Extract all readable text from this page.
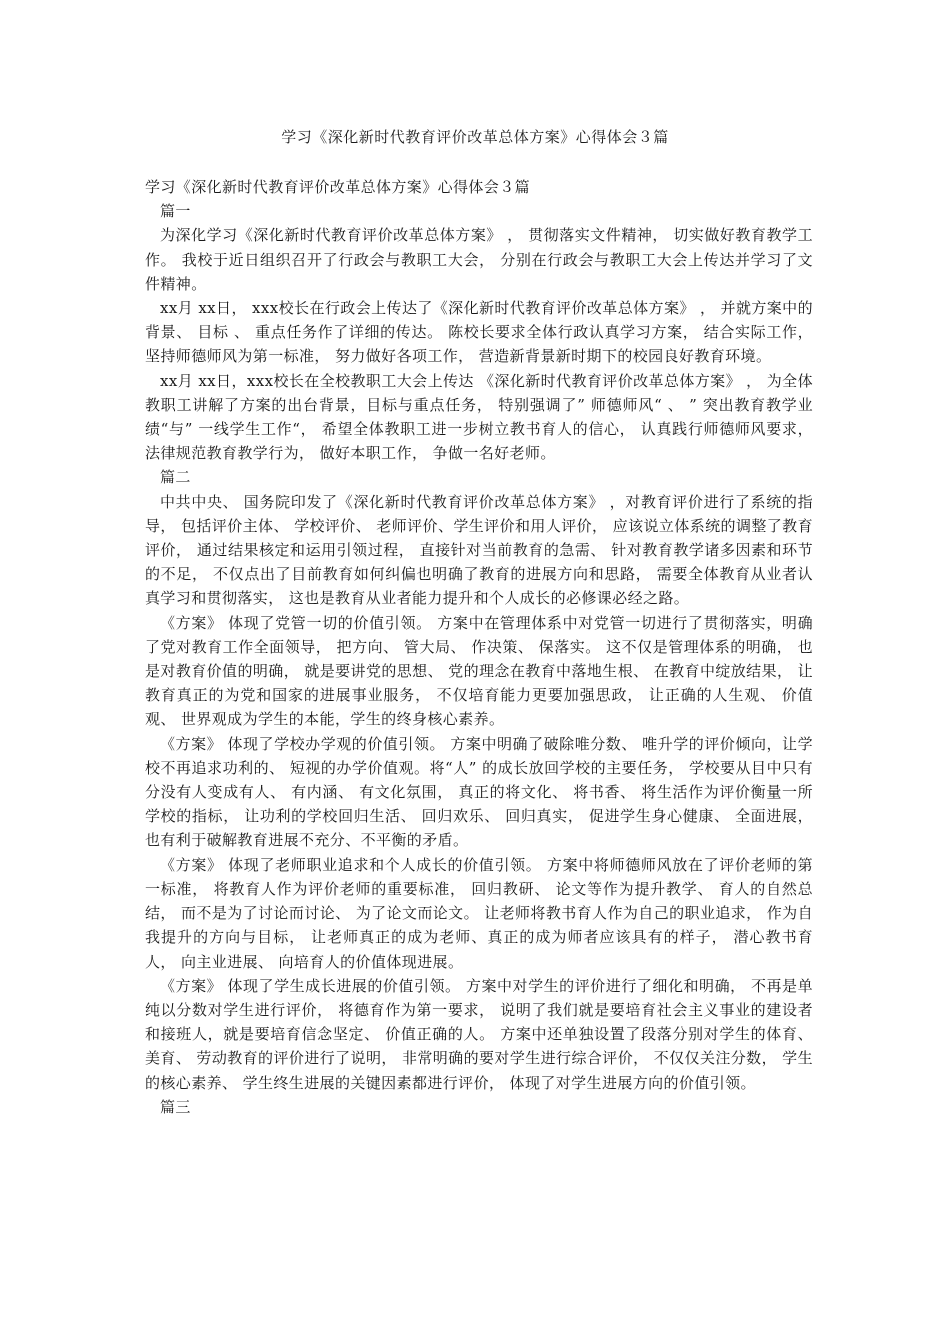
学习《深化新时代教育评价改革总体方案》心得体会３篇

学习《深化新时代教育评价改革总体方案》心得体会３篇

篇一

为深化学习《深化新时代教育评价改革总体方案》 ， 贯彻落实文件精神， 切实做好教育教学工作。 我校于近日组织召开了行政会与教职工大会， 分别在行政会与教职工大会上传达并学习了文件精神。

xx月 xx日， xxx校长在行政会上传达了《深化新时代教育评价改革总体方案》 ， 并就方案中的背景、 目标 、 重点任务作了详细的传达。 陈校长要求全体行政认真学习方案， 结合实际工作， 坚持师德师风为第一标准， 努力做好各项工作， 营造新背景新时期下的校园良好教育环境。

xx月 xx日，xxx校长在全校教职工大会上传达 《深化新时代教育评价改革总体方案》 ， 为全体教职工讲解了方案的出台背景，目标与重点任务， 特别强调了” 师德师风“ 、 ” 突出教育教学业绩“与” 一线学生工作“， 希望全体教职工进一步树立教书育人的信心， 认真践行师德师风要求， 法律规范教育教学行为， 做好本职工作， 争做一名好老师。

篇二

中共中央、 国务院印发了《深化新时代教育评价改革总体方案》 ，对教育评价进行了系统的指导， 包括评价主体、 学校评价、 老师评价、学生评价和用人评价， 应该说立体系统的调整了教育评价， 通过结果核定和运用引领过程， 直接针对当前教育的急需、 针对教育教学诸多因素和环节的不足， 不仅点出了目前教育如何纠偏也明确了教育的进展方向和思路， 需要全体教育从业者认真学习和贯彻落实， 这也是教育从业者能力提升和个人成长的必修课必经之路。

《方案》 体现了党管一切的价值引领。 方案中在管理体系中对党管一切进行了贯彻落实，明确了党对教育工作全面领导， 把方向、 管大局、 作决策、 保落实。 这不仅是管理体系的明确， 也是对教育价值的明确， 就是要讲党的思想、 党的理念在教育中落地生根、 在教育中绽放结果， 让教育真正的为党和国家的进展事业服务， 不仅培育能力更要加强思政， 让正确的人生观、 价值观、 世界观成为学生的本能，学生的终身核心素养。

《方案》 体现了学校办学观的价值引领。 方案中明确了破除唯分数、 唯升学的评价倾向，让学校不再追求功利的、 短视的办学价值观。将“人” 的成长放回学校的主要任务， 学校要从目中只有分没有人变成有人、 有内涵、 有文化氛围， 真正的将文化、 将书香、 将生活作为评价衡量一所学校的指标， 让功利的学校回归生活、 回归欢乐、 回归真实， 促进学生身心健康、 全面进展， 也有利于破解教育进展不充分、不平衡的矛盾。

《方案》 体现了老师职业追求和个人成长的价值引领。 方案中将师德师风放在了评价老师的第一标准， 将教育人作为评价老师的重要标准， 回归教研、 论文等作为提升教学、 育人的自然总结， 而不是为了讨论而讨论、 为了论文而论文。 让老师将教书育人作为自己的职业追求， 作为自我提升的方向与目标， 让老师真正的成为老师、真正的成为师者应该具有的样子， 潜心教书育人， 向主业进展、 向培育人的价值体现进展。

《方案》 体现了学生成长进展的价值引领。 方案中对学生的评价进行了细化和明确， 不再是单纯以分数对学生进行评价， 将德育作为第一要求， 说明了我们就是要培育社会主义事业的建设者和接班人，就是要培育信念坚定、 价值正确的人。 方案中还单独设置了段落分别对学生的体育、 美育、 劳动教育的评价进行了说明， 非常明确的要对学生进行综合评价， 不仅仅关注分数， 学生的核心素养、 学生终生进展的关键因素都进行评价， 体现了对学生进展方向的价值引领。

篇三
